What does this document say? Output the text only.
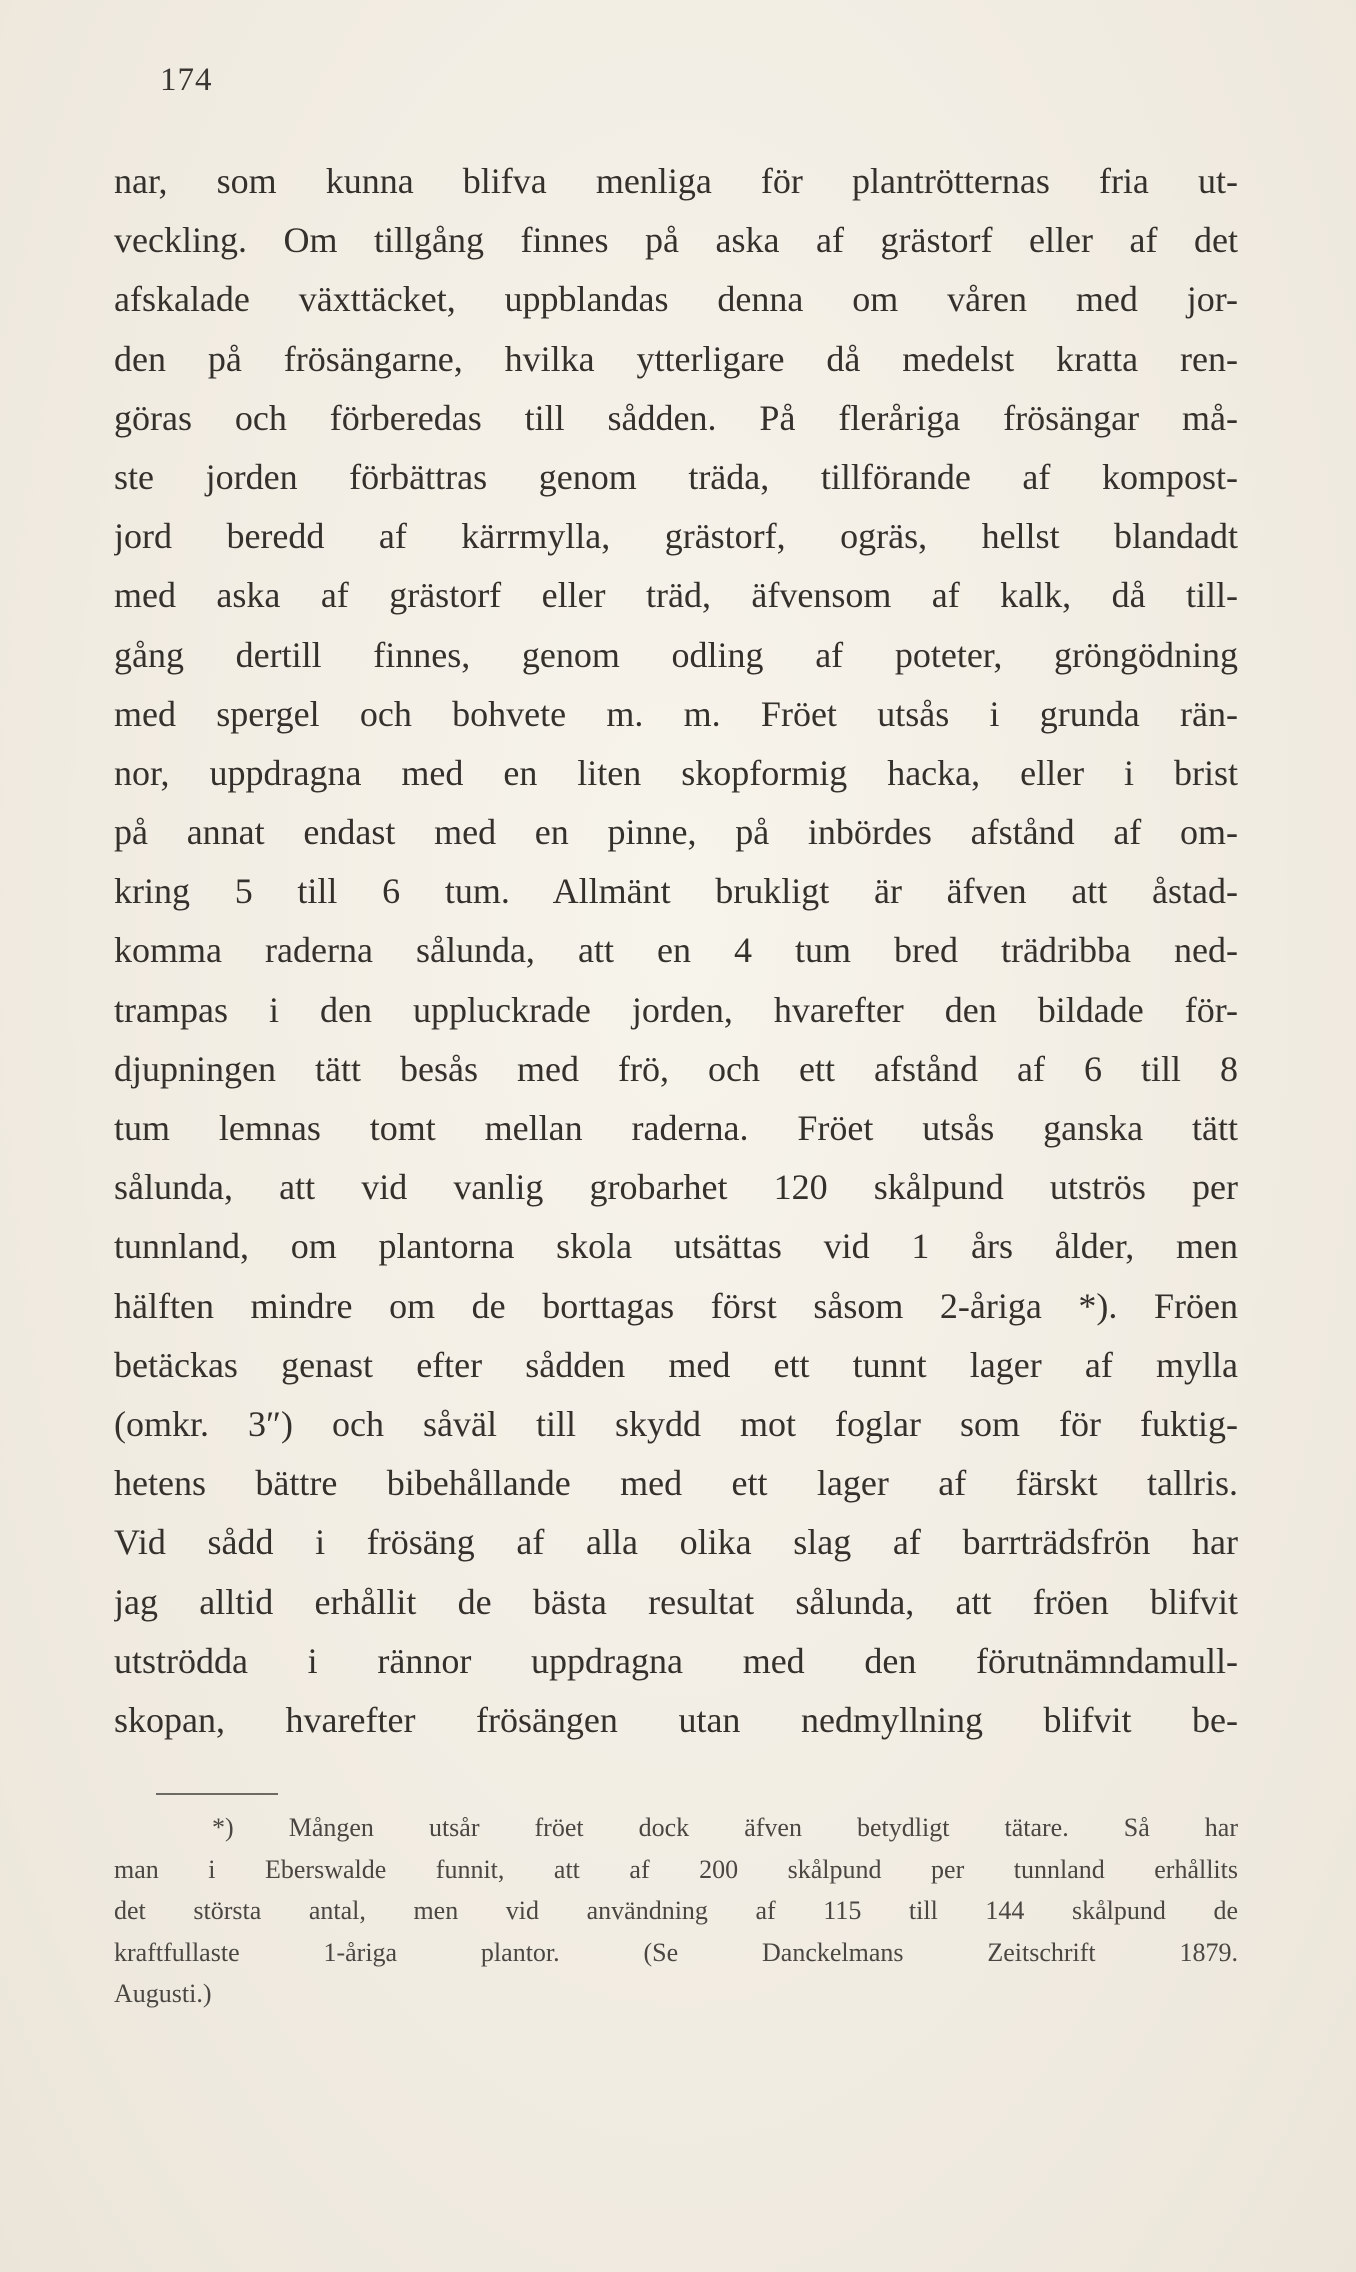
174
nar, som kunna blifva menliga för plantrötternas fria ut-
veckling. Om tillgång finnes på aska af grästorf eller af det
afskalade växttäcket, uppblandas denna om våren med jor-
den på frösängarne, hvilka ytterligare då medelst kratta ren-
göras och förberedas till sådden. På fleråriga frösängar må-
ste jorden förbättras genom träda, tillförande af kompost-
jord beredd af kärrmylla, grästorf, ogräs, hellst blandadt
med aska af grästorf eller träd, äfvensom af kalk, då till-
gång dertill finnes, genom odling af poteter, gröngödning
med spergel och bohvete m. m. Fröet utsås i grunda rän-
nor, uppdragna med en liten skopformig hacka, eller i brist
på annat endast med en pinne, på inbördes afstånd af om-
kring 5 till 6 tum. Allmänt brukligt är äfven att åstad-
komma raderna sålunda, att en 4 tum bred trädribba ned-
trampas i den uppluckrade jorden, hvarefter den bildade för-
djupningen tätt besås med frö, och ett afstånd af 6 till 8
tum lemnas tomt mellan raderna. Fröet utsås ganska tätt
sålunda, att vid vanlig grobarhet 120 skålpund utströs per
tunnland, om plantorna skola utsättas vid 1 års ålder, men
hälften mindre om de borttagas först såsom 2-åriga *). Fröen
betäckas genast efter sådden med ett tunnt lager af mylla
(omkr. 3″) och såväl till skydd mot foglar som för fuktig-
hetens bättre bibehållande med ett lager af färskt tallris.
Vid sådd i frösäng af alla olika slag af barrträdsfrön har
jag alltid erhållit de bästa resultat sålunda, att fröen blifvit
utströdda i rännor uppdragna med den förutnämndamull-
skopan, hvarefter frösängen utan nedmyllning blifvit be-
*) Mången utsår fröet dock äfven betydligt tätare. Så har
man i Eberswalde funnit, att af 200 skålpund per tunnland erhållits
det största antal, men vid användning af 115 till 144 skålpund de
kraftfullaste 1-åriga plantor. (Se Danckelmans Zeitschrift 1879.
Augusti.)
